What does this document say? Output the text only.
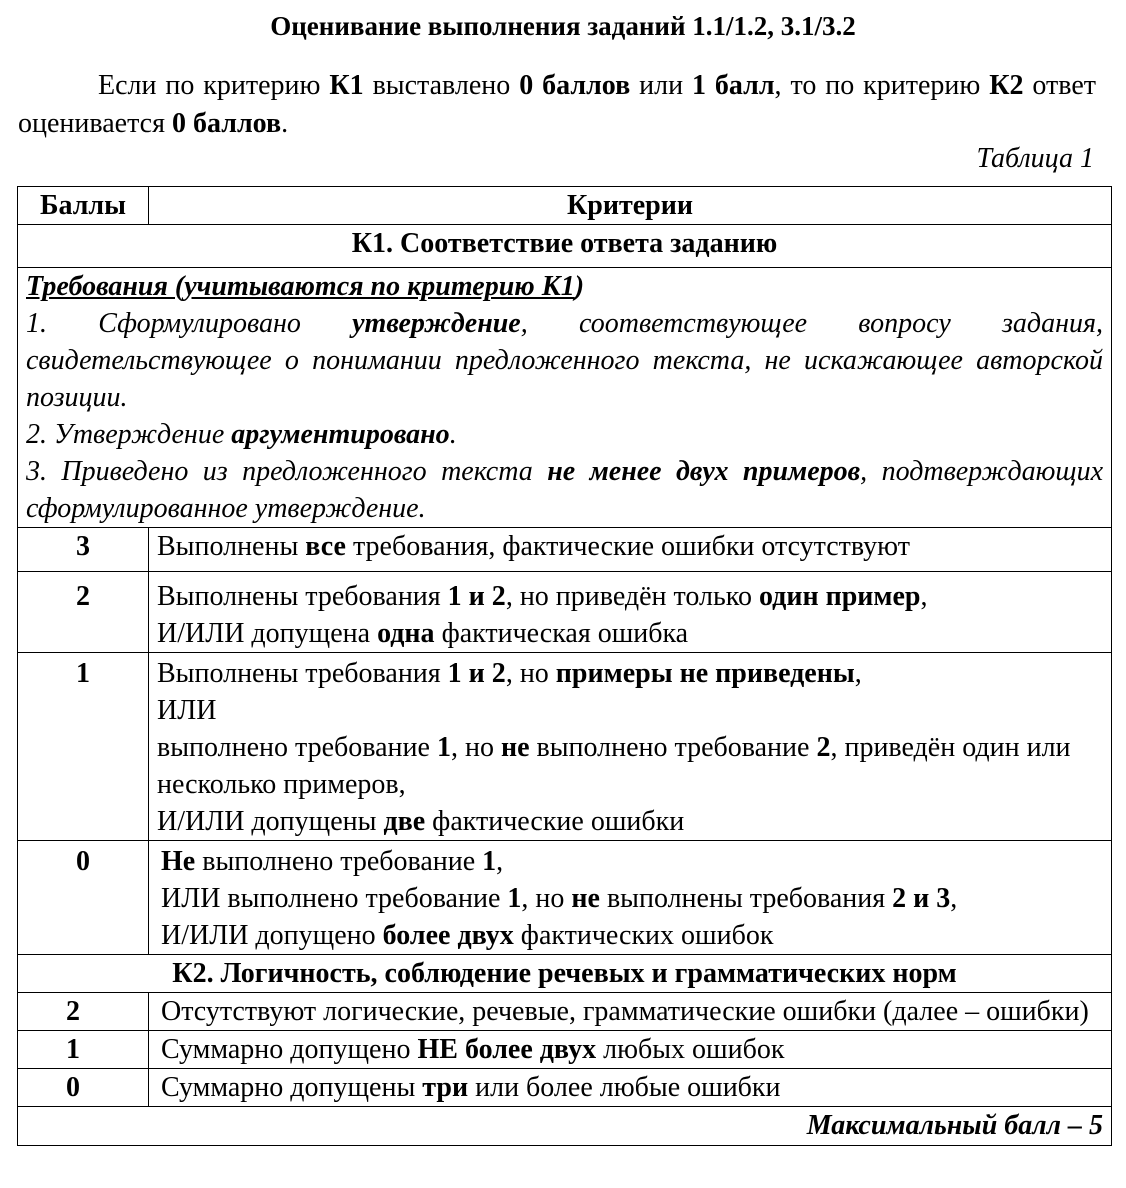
Оценивание выполнения заданий 1.1/1.2, 3.1/3.2
Если по критерию К1 выставлено 0 баллов или 1 балл, то по критерию К2 ответ оценивается 0 баллов.
Таблица 1
Баллы	Критерии
К1. Соответствие ответа заданию	

Требования (учитываются по критерию К1)
1. Сформулировано утверждение, соответствующее вопросу задания, свидетельствующее о понимании предложенного текста, не искажающее авторской позиции.
2. Утверждение аргументировано.
3. Приведено из предложенного текста не менее двух примеров, подтверждающих сформулированное утверждение.	

3	Выполнены все требования, фактические ошибки отсутствуют
2	Выполнены требования 1 и 2, но приведён только один пример,

И/ИЛИ допущена одна фактическая ошибка

1	Выполнены требования 1 и 2, но примеры не приведены,

ИЛИ

выполнено требование 1, но не выполнено требование 2, приведён один или несколько примеров,

И/ИЛИ допущены две фактические ошибки

0	Не выполнено требование 1,

ИЛИ выполнено требование 1, но не выполнены требования 2 и 3,

И/ИЛИ допущено более двух фактических ошибок

К2. Логичность, соблюдение речевых и грамматических норм	
2	Отсутствуют логические, речевые, грамматические ошибки (далее – ошибки)
1	Суммарно допущено НЕ более двух любых ошибок
0	Суммарно допущены три или более любые ошибки
Максимальный балл – 5	
